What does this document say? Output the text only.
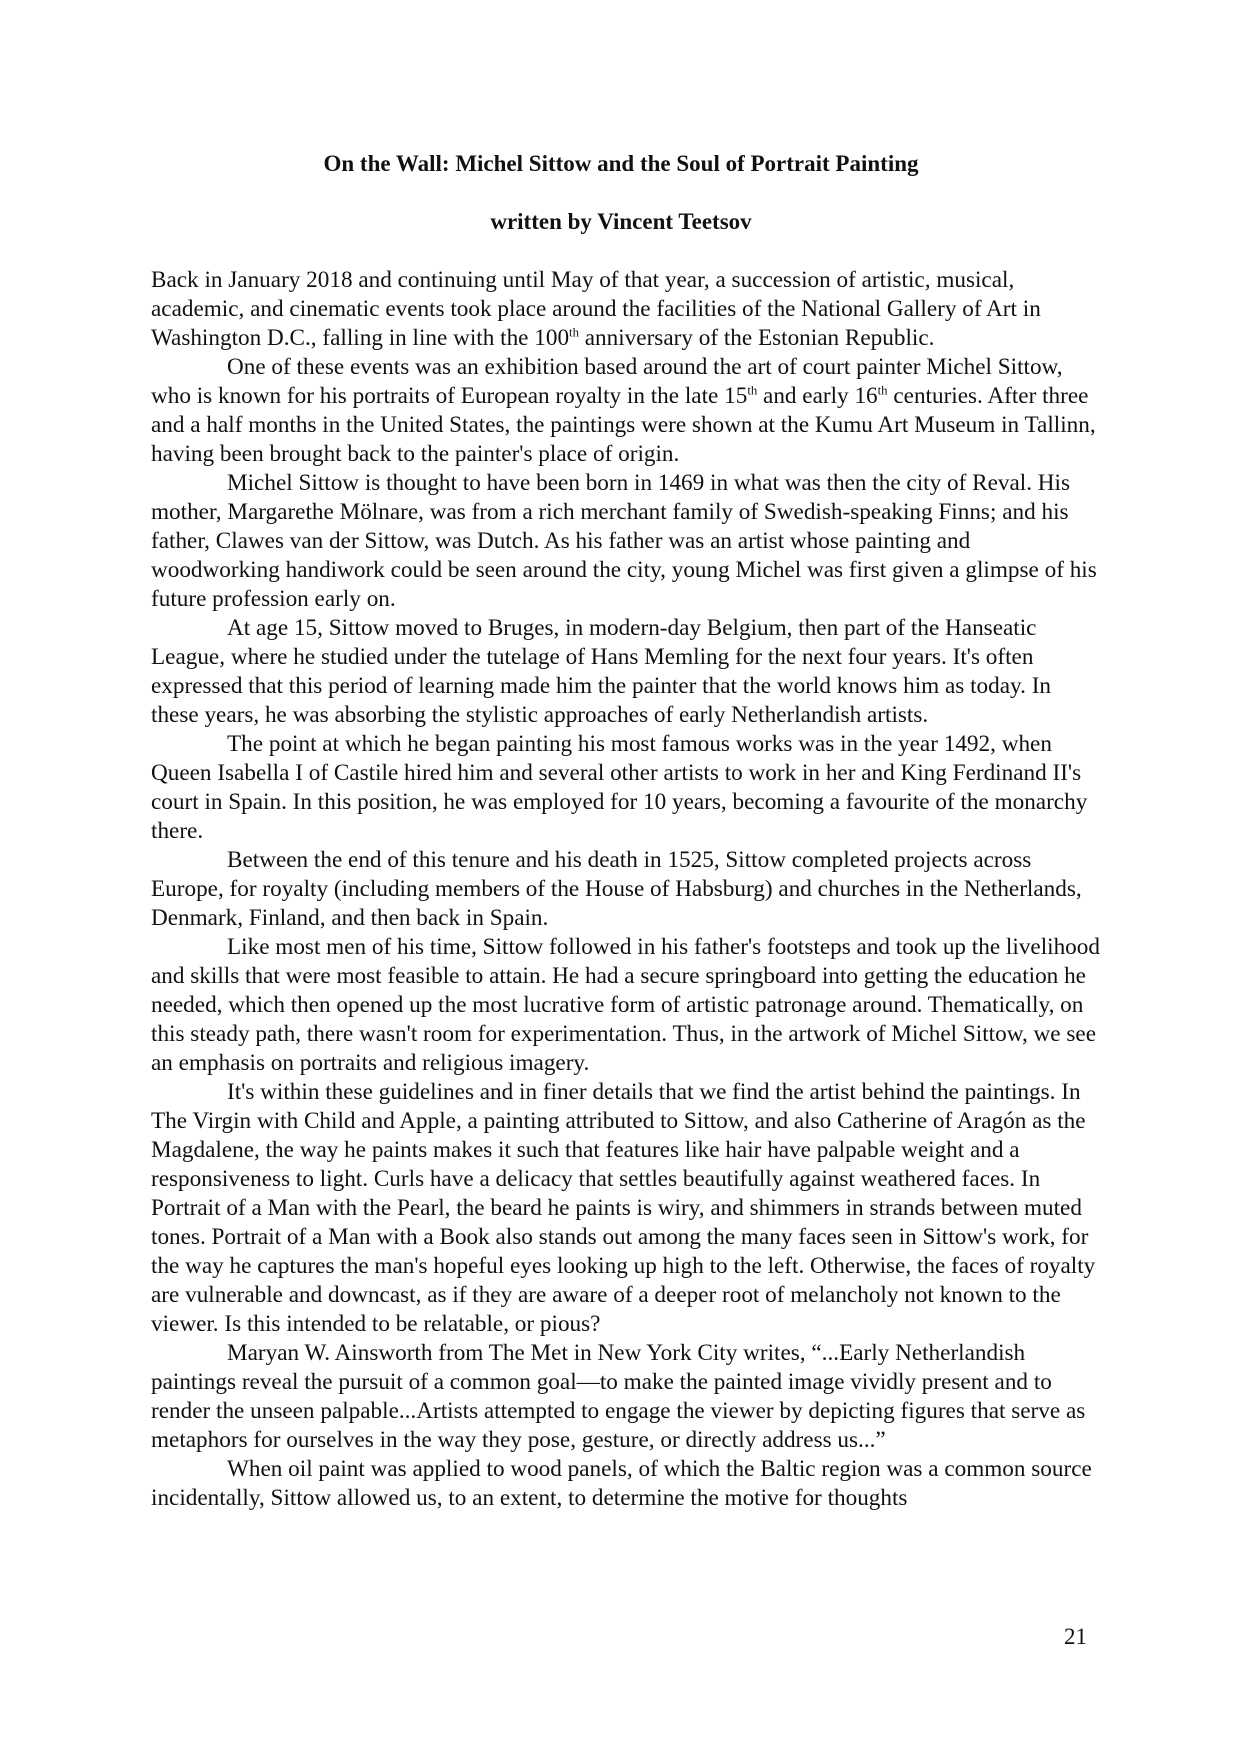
On the Wall: Michel Sittow and the Soul of Portrait Painting
written by Vincent Teetsov

Back in January 2018 and continuing until May of that year, a succession of artistic, musical, academic, and cinematic events took place around the facilities of the National Gallery of Art in Washington D.C., falling in line with the 100th anniversary of the Estonian Republic.

One of these events was an exhibition based around the art of court painter Michel Sittow, who is known for his portraits of European royalty in the late 15th and early 16th centuries. After three and a half months in the United States, the paintings were shown at the Kumu Art Museum in Tallinn, having been brought back to the painter's place of origin.

Michel Sittow is thought to have been born in 1469 in what was then the city of Reval. His mother, Margarethe Mölnare, was from a rich merchant family of Swedish-speaking Finns; and his father, Clawes van der Sittow, was Dutch. As his father was an artist whose painting and woodworking handiwork could be seen around the city, young Michel was first given a glimpse of his future profession early on.

At age 15, Sittow moved to Bruges, in modern-day Belgium, then part of the Hanseatic League, where he studied under the tutelage of Hans Memling for the next four years. It's often expressed that this period of learning made him the painter that the world knows him as today. In these years, he was absorbing the stylistic approaches of early Netherlandish artists.

The point at which he began painting his most famous works was in the year 1492, when Queen Isabella I of Castile hired him and several other artists to work in her and King Ferdinand II's court in Spain. In this position, he was employed for 10 years, becoming a favourite of the monarchy there.

Between the end of this tenure and his death in 1525, Sittow completed projects across Europe, for royalty (including members of the House of Habsburg) and churches in the Netherlands, Denmark, Finland, and then back in Spain.

Like most men of his time, Sittow followed in his father's footsteps and took up the livelihood and skills that were most feasible to attain. He had a secure springboard into getting the education he needed, which then opened up the most lucrative form of artistic patronage around. Thematically, on this steady path, there wasn't room for experimentation. Thus, in the artwork of Michel Sittow, we see an emphasis on portraits and religious imagery.

It's within these guidelines and in finer details that we find the artist behind the paintings. In The Virgin with Child and Apple, a painting attributed to Sittow, and also Catherine of Aragón as the Magdalene, the way he paints makes it such that features like hair have palpable weight and a responsiveness to light. Curls have a delicacy that settles beautifully against weathered faces. In Portrait of a Man with the Pearl, the beard he paints is wiry, and shimmers in strands between muted tones. Portrait of a Man with a Book also stands out among the many faces seen in Sittow's work, for the way he captures the man's hopeful eyes looking up high to the left. Otherwise, the faces of royalty are vulnerable and downcast, as if they are aware of a deeper root of melancholy not known to the viewer. Is this intended to be relatable, or pious?

Maryan W. Ainsworth from The Met in New York City writes, “...Early Netherlandish paintings reveal the pursuit of a common goal—to make the painted image vividly present and to render the unseen palpable...Artists attempted to engage the viewer by depicting figures that serve as metaphors for ourselves in the way they pose, gesture, or directly address us...”

When oil paint was applied to wood panels, of which the Baltic region was a common source incidentally, Sittow allowed us, to an extent, to determine the motive for thoughts

21
